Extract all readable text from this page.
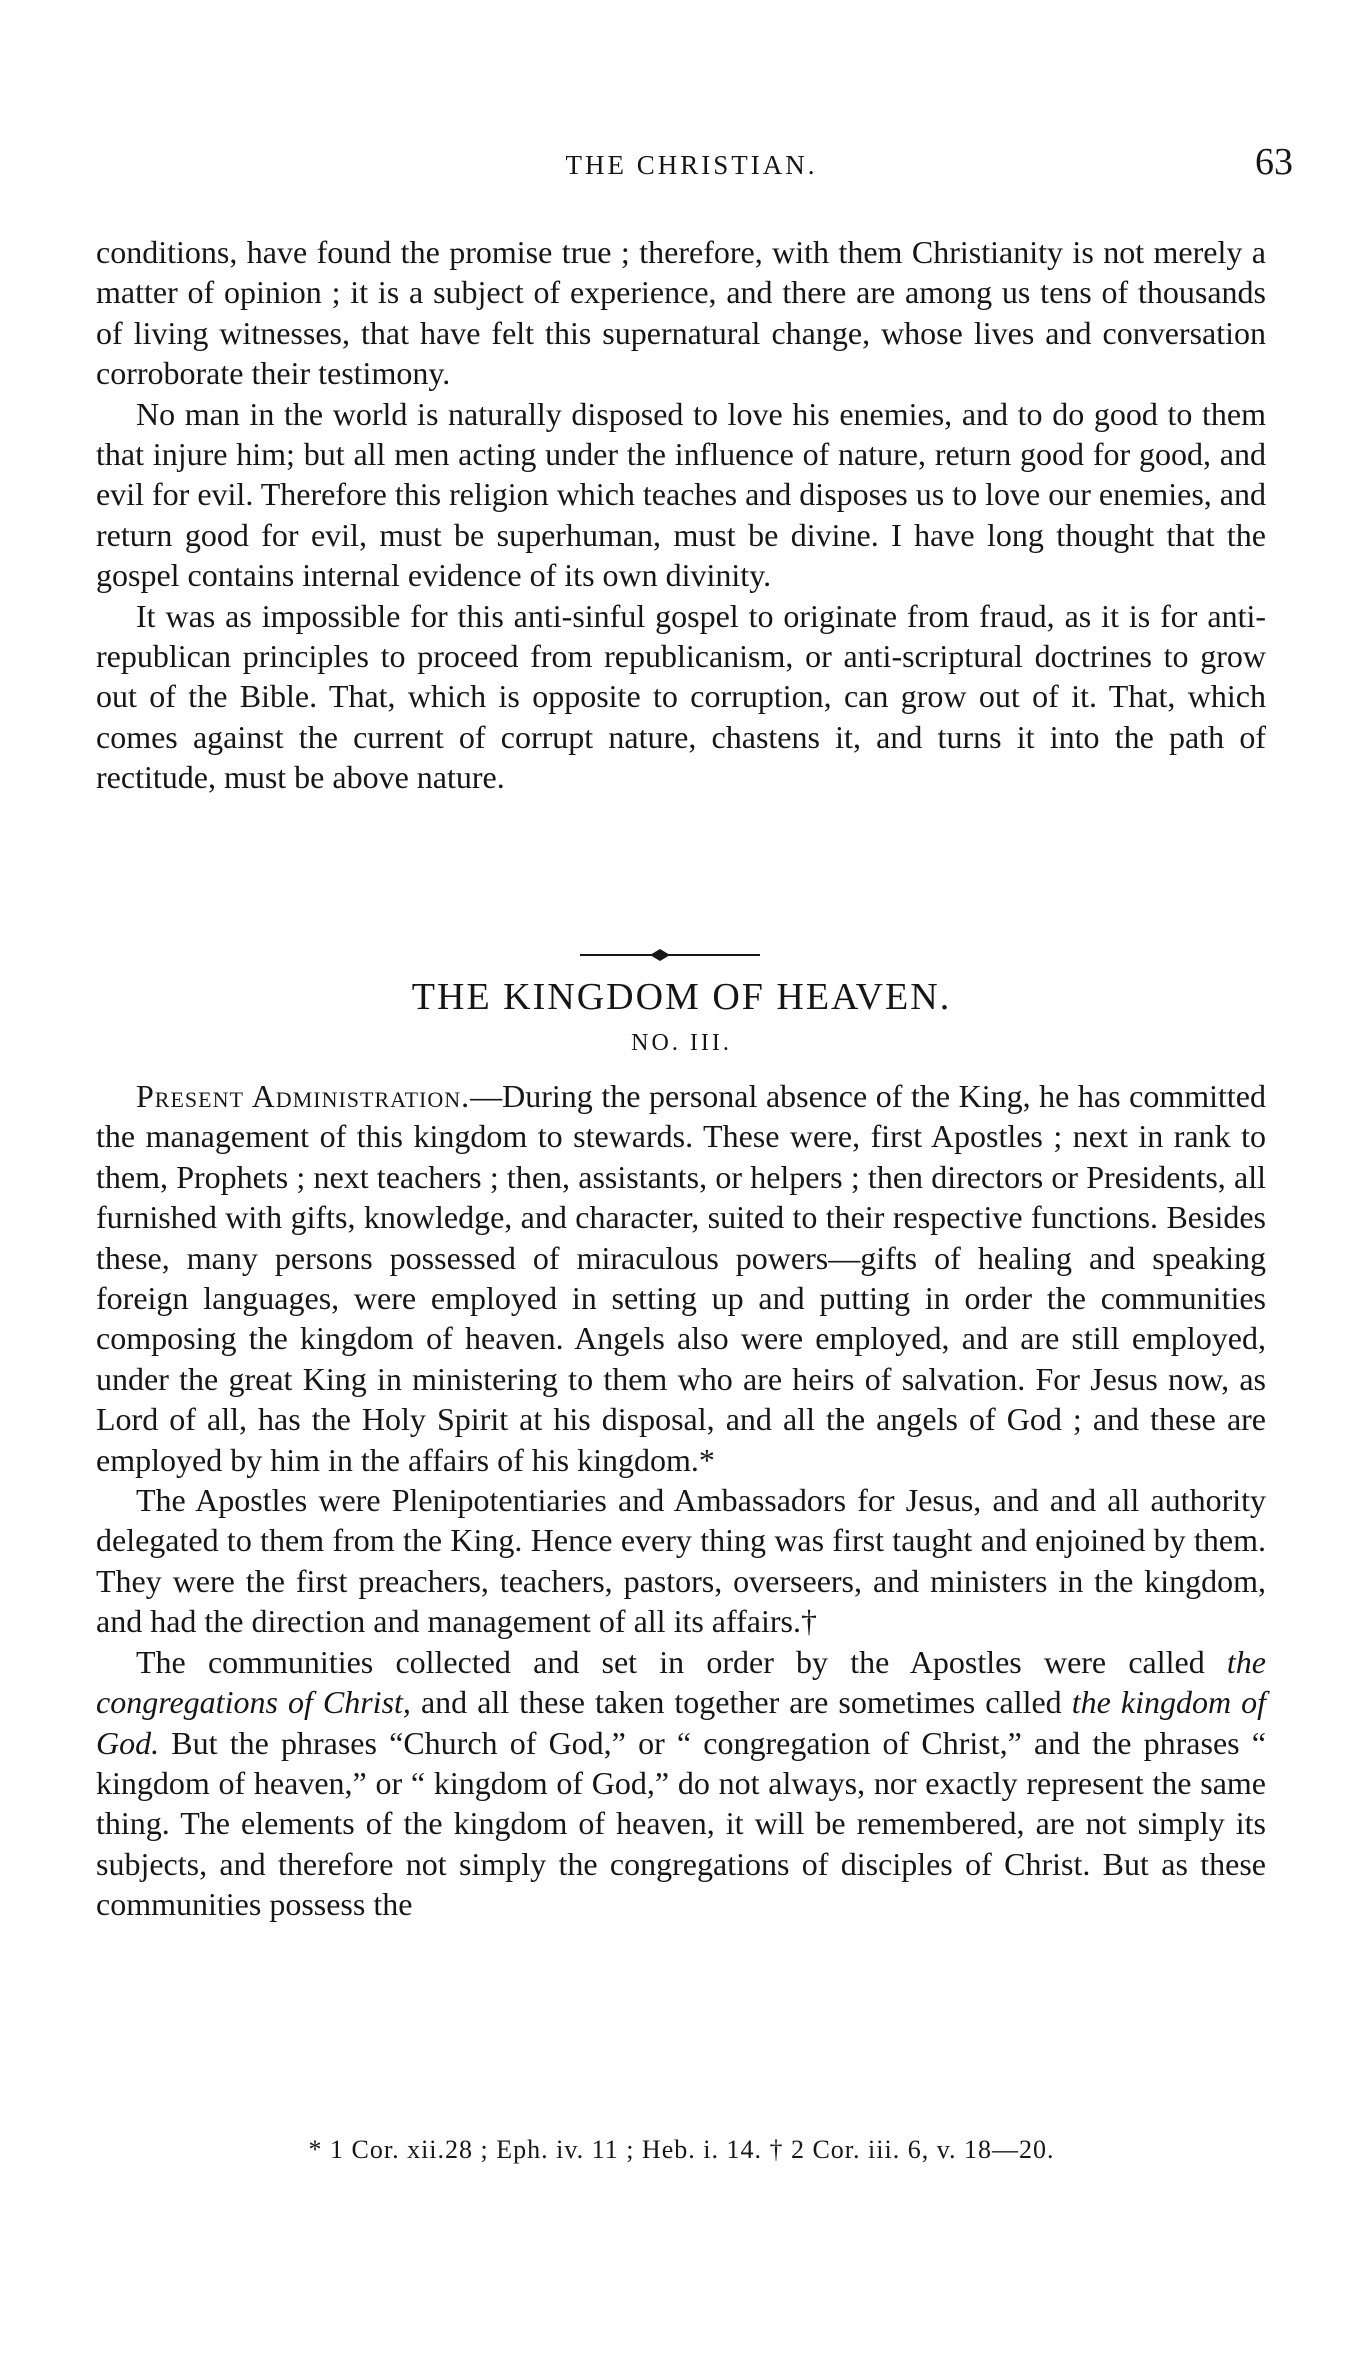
THE CHRISTIAN.	63

conditions, have found the promise true ; therefore, with them Christianity is not merely a matter of opinion ; it is a subject of experience, and there are among us tens of thousands of living witnesses, that have felt this supernatural change, whose lives and conversation corroborate their testimony.

No man in the world is naturally disposed to love his enemies, and to do good to them that injure him; but all men acting under the influence of nature, return good for good, and evil for evil. Therefore this religion which teaches and disposes us to love our enemies, and return good for evil, must be superhuman, must be divine. I have long thought that the gospel contains internal evidence of its own divinity.

It was as impossible for this anti-sinful gospel to originate from fraud, as it is for anti-republican principles to proceed from republicanism, or anti-scriptural doctrines to grow out of the Bible. That, which is opposite to corruption, can grow out of it. That, which comes against the current of corrupt nature, chastens it, and turns it into the path of rectitude, must be above nature.

THE KINGDOM OF HEAVEN.
NO. III.

Present Administration.—During the personal absence of the King, he has committed the management of this kingdom to stewards. These were, first Apostles ; next in rank to them, Prophets ; next teachers ; then, assistants, or helpers ; then directors or Presidents, all furnished with gifts, knowledge, and character, suited to their respective functions. Besides these, many persons possessed of miraculous powers—gifts of healing and speaking foreign languages, were employed in setting up and putting in order the communities composing the kingdom of heaven. Angels also were employed, and are still employed, under the great King in ministering to them who are heirs of salvation. For Jesus now, as Lord of all, has the Holy Spirit at his disposal, and all the angels of God ; and these are employed by him in the affairs of his kingdom.*

The Apostles were Plenipotentiaries and Ambassadors for Jesus, and and all authority delegated to them from the King. Hence every thing was first taught and enjoined by them. They were the first preachers, teachers, pastors, overseers, and ministers in the kingdom, and had the direction and management of all its affairs.†

The communities collected and set in order by the Apostles were called the congregations of Christ, and all these taken together are sometimes called the kingdom of God. But the phrases “Church of God,” or “ congregation of Christ,” and the phrases “ kingdom of heaven,” or “ kingdom of God,” do not always, nor exactly represent the same thing. The elements of the kingdom of heaven, it will be remembered, are not simply its subjects, and therefore not simply the congregations of disciples of Christ. But as these communities possess the

* 1 Cor. xii.28 ; Eph. iv. 11 ; Heb. i. 14. † 2 Cor. iii. 6, v. 18—20.
